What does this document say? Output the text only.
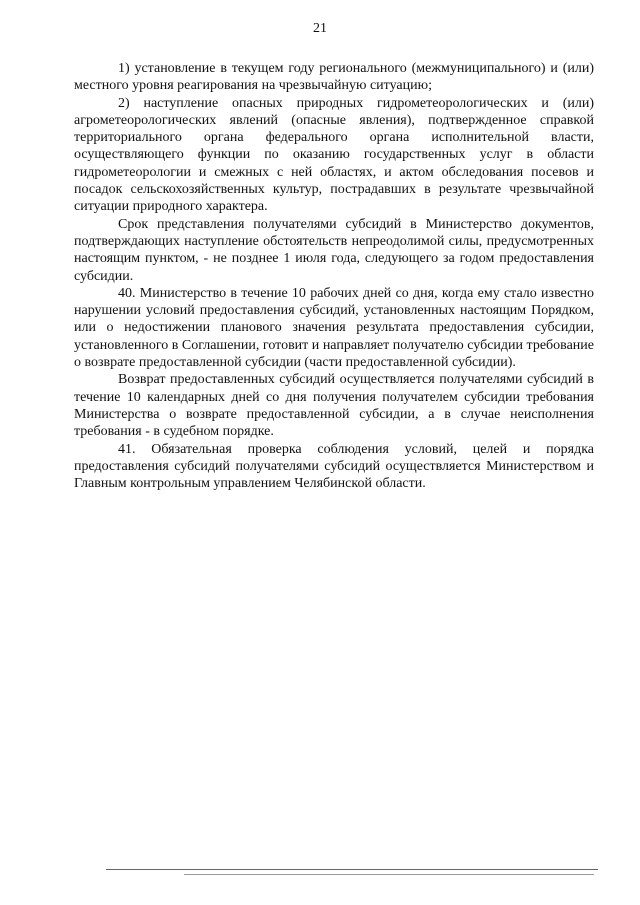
21

1) установление в текущем году регионального (межмуниципального) и (или) местного уровня реагирования на чрезвычайную ситуацию;

2) наступление опасных природных гидрометеорологических и (или) агрометеорологических явлений (опасные явления), подтвержденное справкой территориального органа федерального органа исполнительной власти, осуществляющего функции по оказанию государственных услуг в области гидрометеорологии и смежных с ней областях, и актом обследования посевов и посадок сельскохозяйственных культур, пострадавших в результате чрезвычайной ситуации природного характера.

Срок представления получателями субсидий в Министерство документов, подтверждающих наступление обстоятельств непреодолимой силы, предусмотренных настоящим пунктом, - не позднее 1 июля года, следующего за годом предоставления субсидии.

40. Министерство в течение 10 рабочих дней со дня, когда ему стало известно нарушении условий предоставления субсидий, установленных настоящим Порядком, или о недостижении планового значения результата предоставления субсидии, установленного в Соглашении, готовит и направляет получателю субсидии требование о возврате предоставленной субсидии (части предоставленной субсидии).

Возврат предоставленных субсидий осуществляется получателями субсидий в течение 10 календарных дней со дня получения получателем субсидии требования Министерства о возврате предоставленной субсидии, а в случае неисполнения требования - в судебном порядке.

41. Обязательная проверка соблюдения условий, целей и порядка предоставления субсидий получателями субсидий осуществляется Министерством и Главным контрольным управлением Челябинской области.
